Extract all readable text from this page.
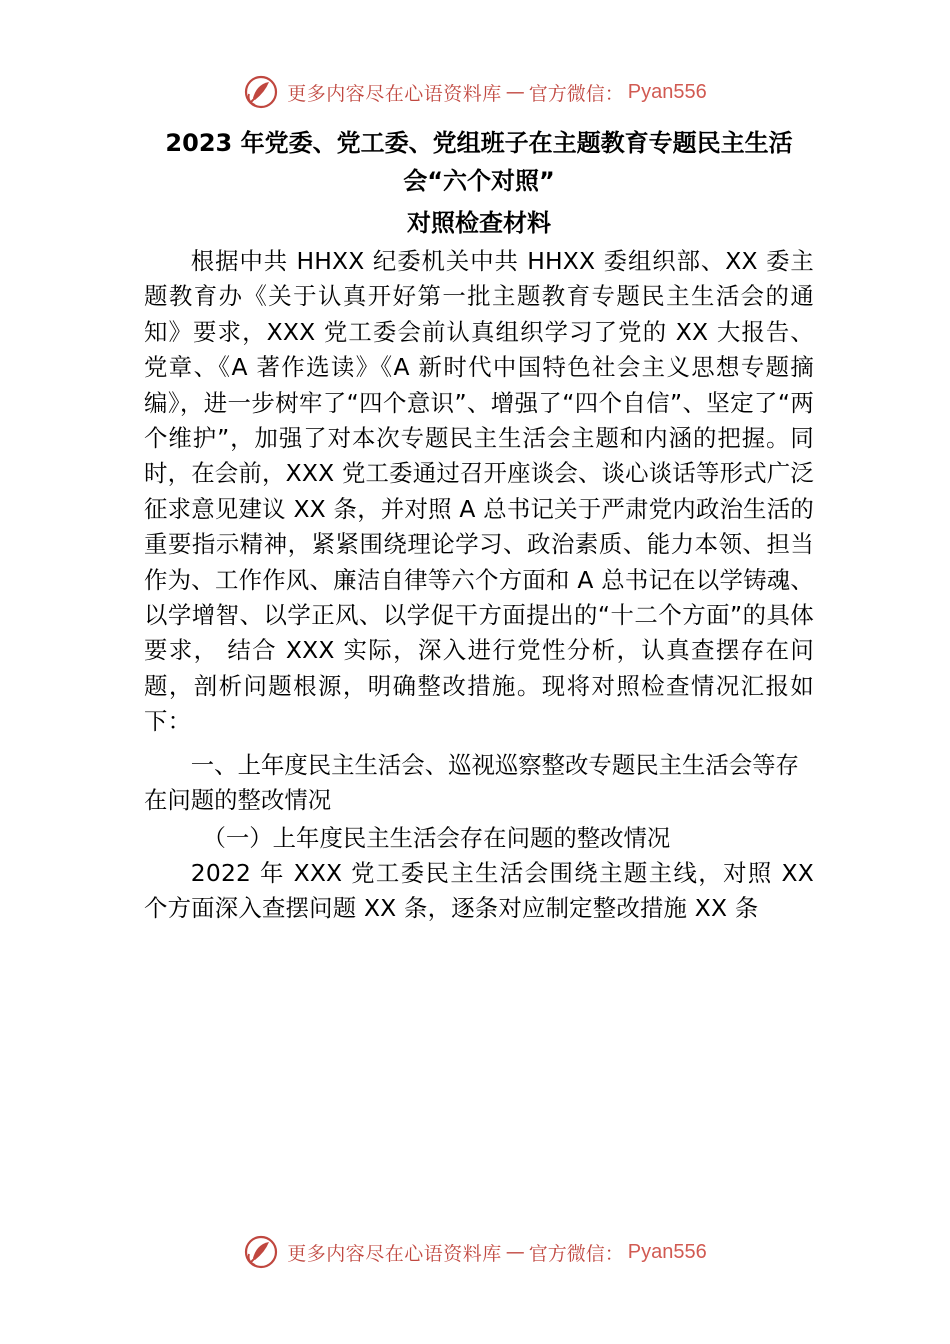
更多内容尽在心语资料库 — 官方微信： Pyan556
2023 年党委、党工委、党组班子在主题教育专题民主生活会“六个对照”
对照检查材料

根据中共 HHXX 纪委机关中共 HHXX 委组织部、XX 委主题教育办《关于认真开好第一批主题教育专题民主生活会的通知》要求，XXX 党工委会前认真组织学习了党的 XX 大报告、党章、《A 著作选读》《A 新时代中国特色社会主义思想专题摘编》，进一步树牢了“四个意识”、增强了“四个自信”、坚定了“两个维护”，加强了对本次专题民主生活会主题和内涵的把握。同时，在会前，XXX 党工委通过召开座谈会、谈心谈话等形式广泛征求意见建议 XX 条，并对照 A 总书记关于严肃党内政治生活的重要指示精神，紧紧围绕理论学习、政治素质、能力本领、担当作为、工作作风、廉洁自律等六个方面和 A 总书记在以学铸魂、以学增智、以学正风、以学促干方面提出的“十二个方面”的具体要求， 结合 XXX 实际，深入进行党性分析，认真查摆存在问题，剖析问题根源，明确整改措施。现将对照检查情况汇报如下：

一、上年度民主生活会、巡视巡察整改专题民主生活会等存在问题的整改情况

（一）上年度民主生活会存在问题的整改情况

2022 年 XXX 党工委民主生活会围绕主题主线，对照 XX 个方面深入查摆问题 XX 条，逐条对应制定整改措施 XX 条

更多内容尽在心语资料库 — 官方微信： Pyan556
